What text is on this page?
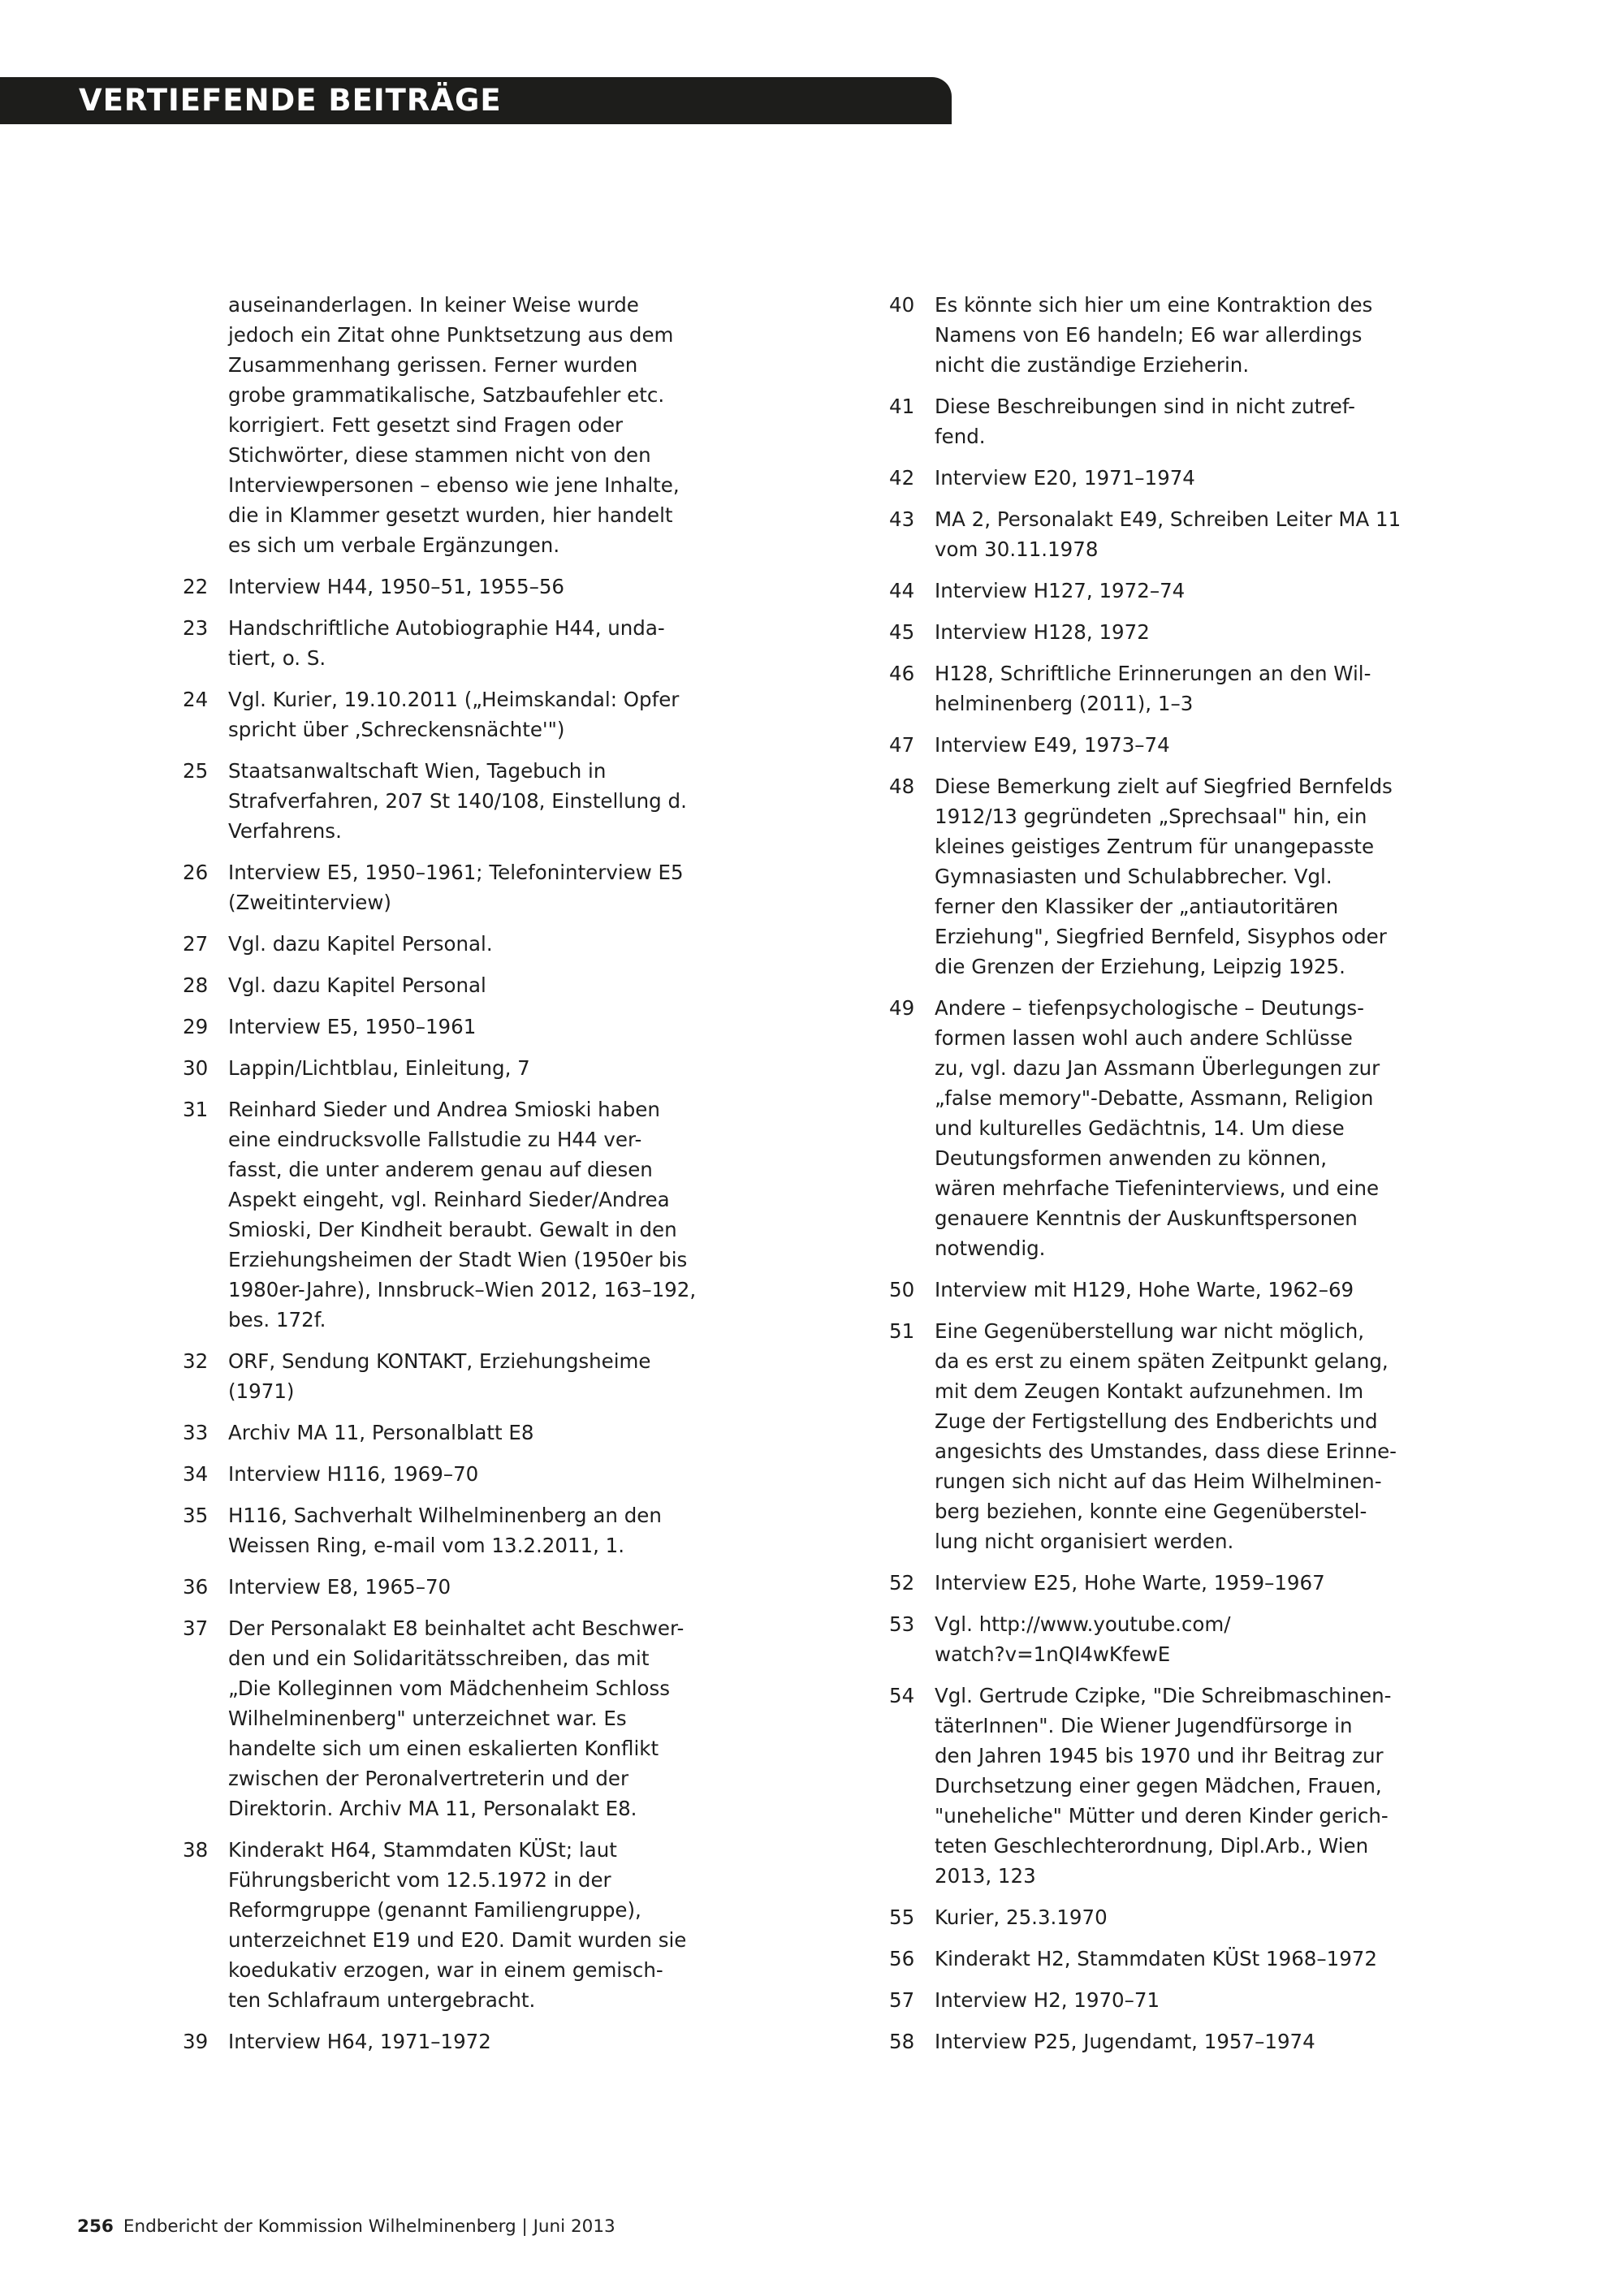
VERTIEFENDE BEITRÄGE
auseinanderlagen. In keiner Weise wurde
jedoch ein Zitat ohne Punktsetzung aus dem
Zusammenhang gerissen. Ferner wurden
grobe grammatikalische, Satzbaufehler etc.
korrigiert. Fett gesetzt sind Fragen oder
Stichwörter, diese stammen nicht von den
Interviewpersonen – ebenso wie jene Inhalte,
die in Klammer gesetzt wurden, hier handelt
es sich um verbale Ergänzungen.
22	Interview H44, 1950–51, 1955–56
23	Handschriftliche Autobiographie H44, unda-
tiert, o. S.
24	Vgl. Kurier, 19.10.2011 („Heimskandal: Opfer
spricht über ‚Schreckensnächte'")
25	Staatsanwaltschaft Wien, Tagebuch in
Strafverfahren, 207 St 140/108, Einstellung d.
Verfahrens.
26	Interview E5, 1950–1961; Telefoninterview E5
(Zweitinterview)
27	Vgl. dazu Kapitel Personal.
28	Vgl. dazu Kapitel Personal
29	Interview E5, 1950–1961
30	Lappin/Lichtblau, Einleitung, 7
31	Reinhard Sieder und Andrea Smioski haben
eine eindrucksvolle Fallstudie zu H44 ver-
fasst, die unter anderem genau auf diesen
Aspekt eingeht, vgl. Reinhard Sieder/Andrea
Smioski, Der Kindheit beraubt. Gewalt in den
Erziehungsheimen der Stadt Wien (1950er bis
1980er-Jahre), Innsbruck–Wien 2012, 163–192,
bes. 172f.
32	ORF, Sendung KONTAKT, Erziehungsheime
(1971)
33	Archiv MA 11, Personalblatt E8
34	Interview H116, 1969–70
35	H116, Sachverhalt Wilhelminenberg an den
Weissen Ring, e-mail vom 13.2.2011, 1.
36	Interview E8, 1965–70
37	Der Personalakt E8 beinhaltet acht Beschwer-
den und ein Solidaritätsschreiben, das mit
„Die Kolleginnen vom Mädchenheim Schloss
Wilhelminenberg" unterzeichnet war. Es
handelte sich um einen eskalierten Konflikt
zwischen der Peronalvertreterin und der
Direktorin. Archiv MA 11, Personalakt E8.
38	Kinderakt H64, Stammdaten KÜSt; laut
Führungsbericht vom 12.5.1972 in der
Reformgruppe (genannt Familiengruppe),
unterzeichnet E19 und E20. Damit wurden sie
koedukativ erzogen, war in einem gemisch-
ten Schlafraum untergebracht.
39	Interview H64, 1971–1972
40	Es könnte sich hier um eine Kontraktion des
Namens von E6 handeln; E6 war allerdings
nicht die zuständige Erzieherin.
41	Diese Beschreibungen sind in nicht zutref-
fend.
42	Interview E20, 1971–1974
43	MA 2, Personalakt E49, Schreiben Leiter MA 11
vom 30.11.1978
44	Interview H127, 1972–74
45	Interview H128, 1972
46	H128, Schriftliche Erinnerungen an den Wil-
helminenberg (2011), 1–3
47	Interview E49, 1973–74
48	Diese Bemerkung zielt auf Siegfried Bernfelds
1912/13 gegründeten „Sprechsaal" hin, ein
kleines geistiges Zentrum für unangepasste
Gymnasiasten und Schulabbrecher. Vgl.
ferner den Klassiker der „antiautoritären
Erziehung", Siegfried Bernfeld, Sisyphos oder
die Grenzen der Erziehung, Leipzig 1925.
49	Andere – tiefenpsychologische – Deutungs-
formen lassen wohl auch andere Schlüsse
zu, vgl. dazu Jan Assmann Überlegungen zur
„false memory"-Debatte, Assmann, Religion
und kulturelles Gedächtnis, 14. Um diese
Deutungsformen anwenden zu können,
wären mehrfache Tiefeninterviews, und eine
genauere Kenntnis der Auskunftspersonen
notwendig.
50	Interview mit H129, Hohe Warte, 1962–69
51	Eine Gegenüberstellung war nicht möglich,
da es erst zu einem späten Zeitpunkt gelang,
mit dem Zeugen Kontakt aufzunehmen. Im
Zuge der Fertigstellung des Endberichts und
angesichts des Umstandes, dass diese Erinne-
rungen sich nicht auf das Heim Wilhelminen-
berg beziehen, konnte eine Gegenüberstel-
lung nicht organisiert werden.
52	Interview E25, Hohe Warte, 1959–1967
53	Vgl. http://www.youtube.com/
watch?v=1nQI4wKfewE
54	Vgl. Gertrude Czipke, "Die Schreibmaschinen-
täterInnen". Die Wiener Jugendfürsorge in
den Jahren 1945 bis 1970 und ihr Beitrag zur
Durchsetzung einer gegen Mädchen, Frauen,
"uneheliche" Mütter und deren Kinder gerich-
teten Geschlechterordnung, Dipl.Arb., Wien
2013, 123
55	Kurier, 25.3.1970
56	Kinderakt H2, Stammdaten KÜSt 1968–1972
57	Interview H2, 1970–71
58	Interview P25, Jugendamt, 1957–1974
256 Endbericht der Kommission Wilhelminenberg | Juni 2013
